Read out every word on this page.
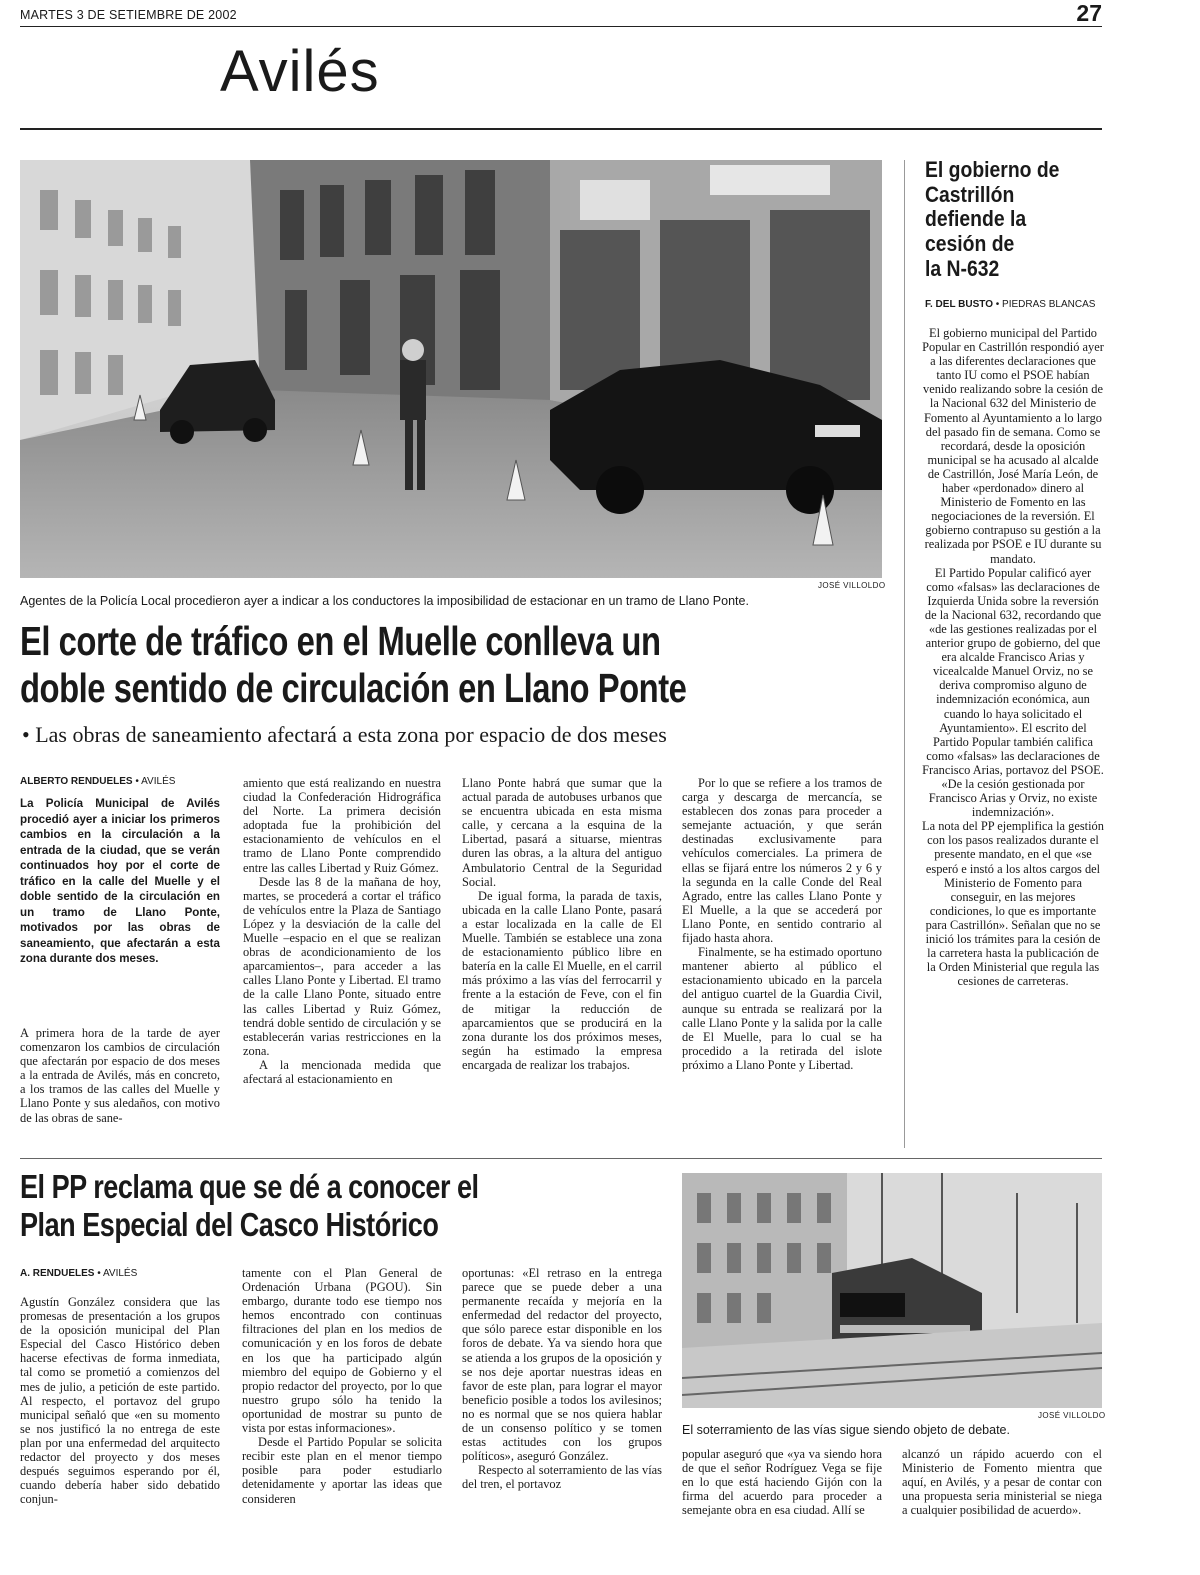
MARTES 3 DE SETIEMBRE DE 2002	27
Avilés
JOSÉ VILLOLDO
Agentes de la Policía Local procedieron ayer a indicar a los conductores la imposibilidad de estacionar en un tramo de Llano Ponte.
El corte de tráfico en el Muelle conlleva un
doble sentido de circulación en Llano Ponte
• Las obras de saneamiento afectará a esta zona por espacio de dos meses
ALBERTO RENDUELES • AVILÉS
La Policía Municipal de Avilés procedió ayer a iniciar los primeros cambios en la circulación a la entrada de la ciudad, que se verán continuados hoy por el corte de tráfico en la calle del Muelle y el doble sentido de la circulación en un tramo de Llano Ponte, motivados por las obras de saneamiento, que afectarán a esta zona durante dos meses.

A primera hora de la tarde de ayer comenzaron los cambios de circulación que afectarán por espacio de dos meses a la entrada de Avilés, más en concreto, a los tramos de las calles del Muelle y Llano Ponte y sus aledaños, con motivo de las obras de sane-

amiento que está realizando en nuestra ciudad la Confederación Hidrográfica del Norte. La primera decisión adoptada fue la prohibición del estacionamiento de vehículos en el tramo de Llano Ponte comprendido entre las calles Libertad y Ruiz Gómez.

Desde las 8 de la mañana de hoy, martes, se procederá a cortar el tráfico de vehículos entre la Plaza de Santiago López y la desviación de la calle del Muelle –espacio en el que se realizan obras de acondicionamiento de los aparcamientos–, para acceder a las calles Llano Ponte y Libertad. El tramo de la calle Llano Ponte, situado entre las calles Libertad y Ruiz Gómez, tendrá doble sentido de circulación y se establecerán varias restricciones en la zona.

A la mencionada medida que afectará al estacionamiento en

Llano Ponte habrá que sumar que la actual parada de autobuses urbanos que se encuentra ubicada en esta misma calle, y cercana a la esquina de la Libertad, pasará a situarse, mientras duren las obras, a la altura del antiguo Ambulatorio Central de la Seguridad Social.

De igual forma, la parada de taxis, ubicada en la calle Llano Ponte, pasará a estar localizada en la calle de El Muelle. También se establece una zona de estacionamiento público libre en batería en la calle El Muelle, en el carril más próximo a las vías del ferrocarril y frente a la estación de Feve, con el fin de mitigar la reducción de aparcamientos que se producirá en la zona durante los dos próximos meses, según ha estimado la empresa encargada de realizar los trabajos.

Por lo que se refiere a los tramos de carga y descarga de mercancía, se establecen dos zonas para proceder a semejante actuación, y que serán destinadas exclusivamente para vehículos comerciales. La primera de ellas se fijará entre los números 2 y 6 y la segunda en la calle Conde del Real Agrado, entre las calles Llano Ponte y El Muelle, a la que se accederá por Llano Ponte, en sentido contrario al fijado hasta ahora.

Finalmente, se ha estimado oportuno mantener abierto al público el estacionamiento ubicado en la parcela del antiguo cuartel de la Guardia Civil, aunque su entrada se realizará por la calle Llano Ponte y la salida por la calle de El Muelle, para lo cual se ha procedido a la retirada del islote próximo a Llano Ponte y Libertad.

El gobierno de
Castrillón
defiende la
cesión de
la N-632
F. DEL BUSTO • PIEDRAS BLANCAS

El gobierno municipal del Partido Popular en Castrillón respondió ayer a las diferentes declaraciones que tanto IU como el PSOE habían venido realizando sobre la cesión de la Nacional 632 del Ministerio de Fomento al Ayuntamiento a lo largo del pasado fin de semana. Como se recordará, desde la oposición municipal se ha acusado al alcalde de Castrillón, José María León, de haber «perdonado» dinero al Ministerio de Fomento en las negociaciones de la reversión. El gobierno contrapuso su gestión a la realizada por PSOE e IU durante su mandato.

El Partido Popular calificó ayer como «falsas» las declaraciones de Izquierda Unida sobre la reversión de la Nacional 632, recordando que «de las gestiones realizadas por el anterior grupo de gobierno, del que era alcalde Francisco Arias y vicealcalde Manuel Orviz, no se deriva compromiso alguno de indemnización económica, aun cuando lo haya solicitado el Ayuntamiento». El escrito del Partido Popular también califica como «falsas» las declaraciones de Francisco Arias, portavoz del PSOE. «De la cesión gestionada por Francisco Arias y Orviz, no existe indemnización».

La nota del PP ejemplifica la gestión con los pasos realizados durante el presente mandato, en el que «se esperó e instó a los altos cargos del Ministerio de Fomento para conseguir, en las mejores condiciones, lo que es importante para Castrillón». Señalan que no se inició los trámites para la cesión de la carretera hasta la publicación de la Orden Ministerial que regula las cesiones de carreteras.

El PP reclama que se dé a conocer el
Plan Especial del Casco Histórico
A. RENDUELES • AVILÉS

Agustín González considera que las promesas de presentación a los grupos de la oposición municipal del Plan Especial del Casco Histórico deben hacerse efectivas de forma inmediata, tal como se prometió a comienzos del mes de julio, a petición de este partido. Al respecto, el portavoz del grupo municipal señaló que «en su momento se nos justificó la no entrega de este plan por una enfermedad del arquitecto redactor del proyecto y dos meses después seguimos esperando por él, cuando debería haber sido debatido conjun-

tamente con el Plan General de Ordenación Urbana (PGOU). Sin embargo, durante todo ese tiempo nos hemos encontrado con continuas filtraciones del plan en los medios de comunicación y en los foros de debate en los que ha participado algún miembro del equipo de Gobierno y el propio redactor del proyecto, por lo que nuestro grupo sólo ha tenido la oportunidad de mostrar su punto de vista por estas informaciones».

Desde el Partido Popular se solicita recibir este plan en el menor tiempo posible para poder estudiarlo detenidamente y aportar las ideas que consideren

oportunas: «El retraso en la entrega parece que se puede deber a una permanente recaída y mejoría en la enfermedad del redactor del proyecto, que sólo parece estar disponible en los foros de debate. Ya va siendo hora que se atienda a los grupos de la oposición y se nos deje aportar nuestras ideas en favor de este plan, para lograr el mayor beneficio posible a todos los avilesinos; no es normal que se nos quiera hablar de un consenso político y se tomen estas actitudes con los grupos políticos», aseguró González.

Respecto al soterramiento de las vías del tren, el portavoz

JOSÉ VILLOLDO
El soterramiento de las vías sigue siendo objeto de debate.

popular aseguró que «ya va siendo hora de que el señor Rodríguez Vega se fije en lo que está haciendo Gijón con la firma del acuerdo para proceder a semejante obra en esa ciudad. Allí se

alcanzó un rápido acuerdo con el Ministerio de Fomento mientra que aquí, en Avilés, y a pesar de contar con una propuesta seria ministerial se niega a cualquier posibilidad de acuerdo».
